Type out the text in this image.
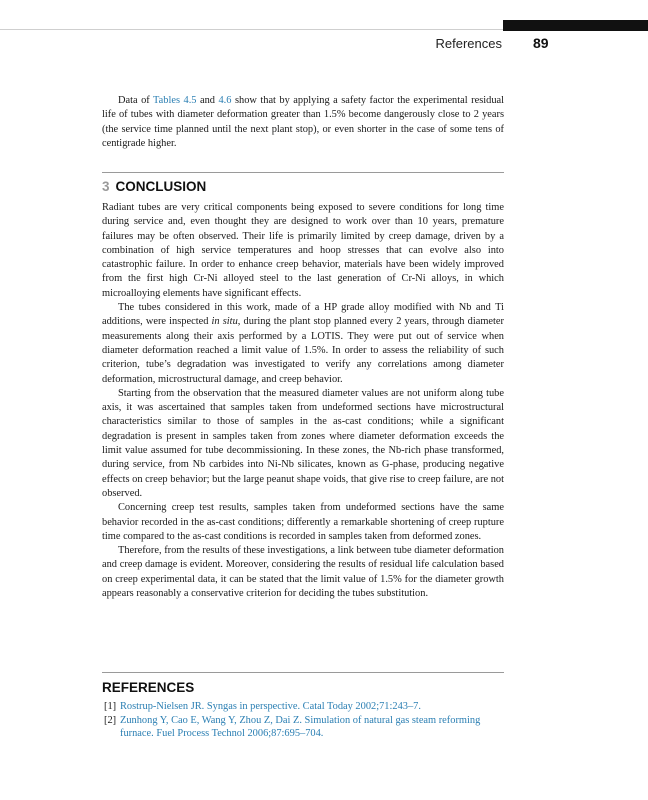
References 89

Data of Tables 4.5 and 4.6 show that by applying a safety factor the experimental residual life of tubes with diameter deformation greater than 1.5% become dangerously close to 2 years (the service time planned until the next plant stop), or even shorter in the case of some tens of centigrade higher.

3 CONCLUSION

Radiant tubes are very critical components being exposed to severe conditions for long time during service and, even thought they are designed to work over than 10 years, premature failures may be often observed. Their life is primarily limited by creep damage, driven by a combination of high service temperatures and hoop stresses that can evolve also into catastrophic failure. In order to enhance creep behavior, materials have been widely improved from the first high Cr-Ni alloyed steel to the last generation of Cr-Ni alloys, in which microalloying elements have significant effects.

The tubes considered in this work, made of a HP grade alloy modified with Nb and Ti additions, were inspected in situ, during the plant stop planned every 2 years, through diameter measurements along their axis performed by a LOTIS. They were put out of service when diameter deformation reached a limit value of 1.5%. In order to assess the reliability of such criterion, tube’s degradation was investigated to verify any correlations among diameter deformation, microstructural damage, and creep behavior.

Starting from the observation that the measured diameter values are not uniform along tube axis, it was ascertained that samples taken from undeformed sections have microstructural characteristics similar to those of samples in the as-cast conditions; while a significant degradation is present in samples taken from zones where diameter deformation exceeds the limit value assumed for tube decommissioning. In these zones, the Nb-rich phase transformed, during service, from Nb carbides into Ni-Nb silicates, known as G-phase, producing negative effects on creep behavior; but the large peanut shape voids, that give rise to creep failure, are not observed.

Concerning creep test results, samples taken from undeformed sections have the same behavior recorded in the as-cast conditions; differently a remarkable shortening of creep rupture time compared to the as-cast conditions is recorded in samples taken from deformed zones.

Therefore, from the results of these investigations, a link between tube diameter deformation and creep damage is evident. Moreover, considering the results of residual life calculation based on creep experimental data, it can be stated that the limit value of 1.5% for the diameter growth appears reasonably a conservative criterion for deciding the tubes substitution.

REFERENCES
[1] Rostrup-Nielsen JR. Syngas in perspective. Catal Today 2002;71:243–7.
[2] Zunhong Y, Cao E, Wang Y, Zhou Z, Dai Z. Simulation of natural gas steam reforming furnace. Fuel Process Technol 2006;87:695–704.
